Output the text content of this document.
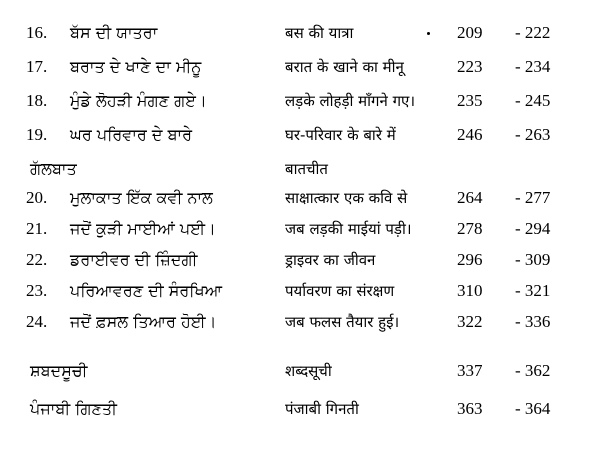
16.	ਬੱਸ ਦੀ ਯਾਤਰਾ	बस की यात्रा	209	- 222
17.	ਬਰਾਤ ਦੇ ਖਾਣੇ ਦਾ ਮੀਨੂ	बरात के खाने का मीनू	223	- 234
18.	ਮੁੰਡੇ ਲੋਹੜੀ ਮੰਗਣ ਗਏ।	लड़के लोहड़ी माँगने गए।	235	- 245
19.	ਘਰ ਪਰਿਵਾਰ ਦੇ ਬਾਰੇ	घर-परिवार के बारे में	246	- 263
ਗੱਲਬਾਤ	बातचीत
20.	ਮੁਲਾਕਾਤ ਇੱਕ ਕਵੀ ਨਾਲ	साक्षात्कार एक कवि से	264	- 277
21.	ਜਦੋਂ ਕੁੜੀ ਮਾਈਆਂ ਪਈ।	जब लड़की माईयां पड़ी।	278	- 294
22.	ਡਰਾਈਵਰ ਦੀ ਜ਼ਿੰਦਗੀ	ड्राइवर का जीवन	296	- 309
23.	ਪਰਿਆਵਰਣ ਦੀ ਸੰਰਖਿਆ	पर्यावरण का संरक्षण	310	- 321
24.	ਜਦੋਂ ਫ਼ਸਲ ਤਿਆਰ ਹੋਈ।	जब फलस तैयार हुई।	322	- 336
ਸ਼ਬਦਸੂਚੀ	शब्दसूची	337	- 362
ਪੰਜਾਬੀ ਗਿਣਤੀ	पंजाबी गिनती	363	- 364
